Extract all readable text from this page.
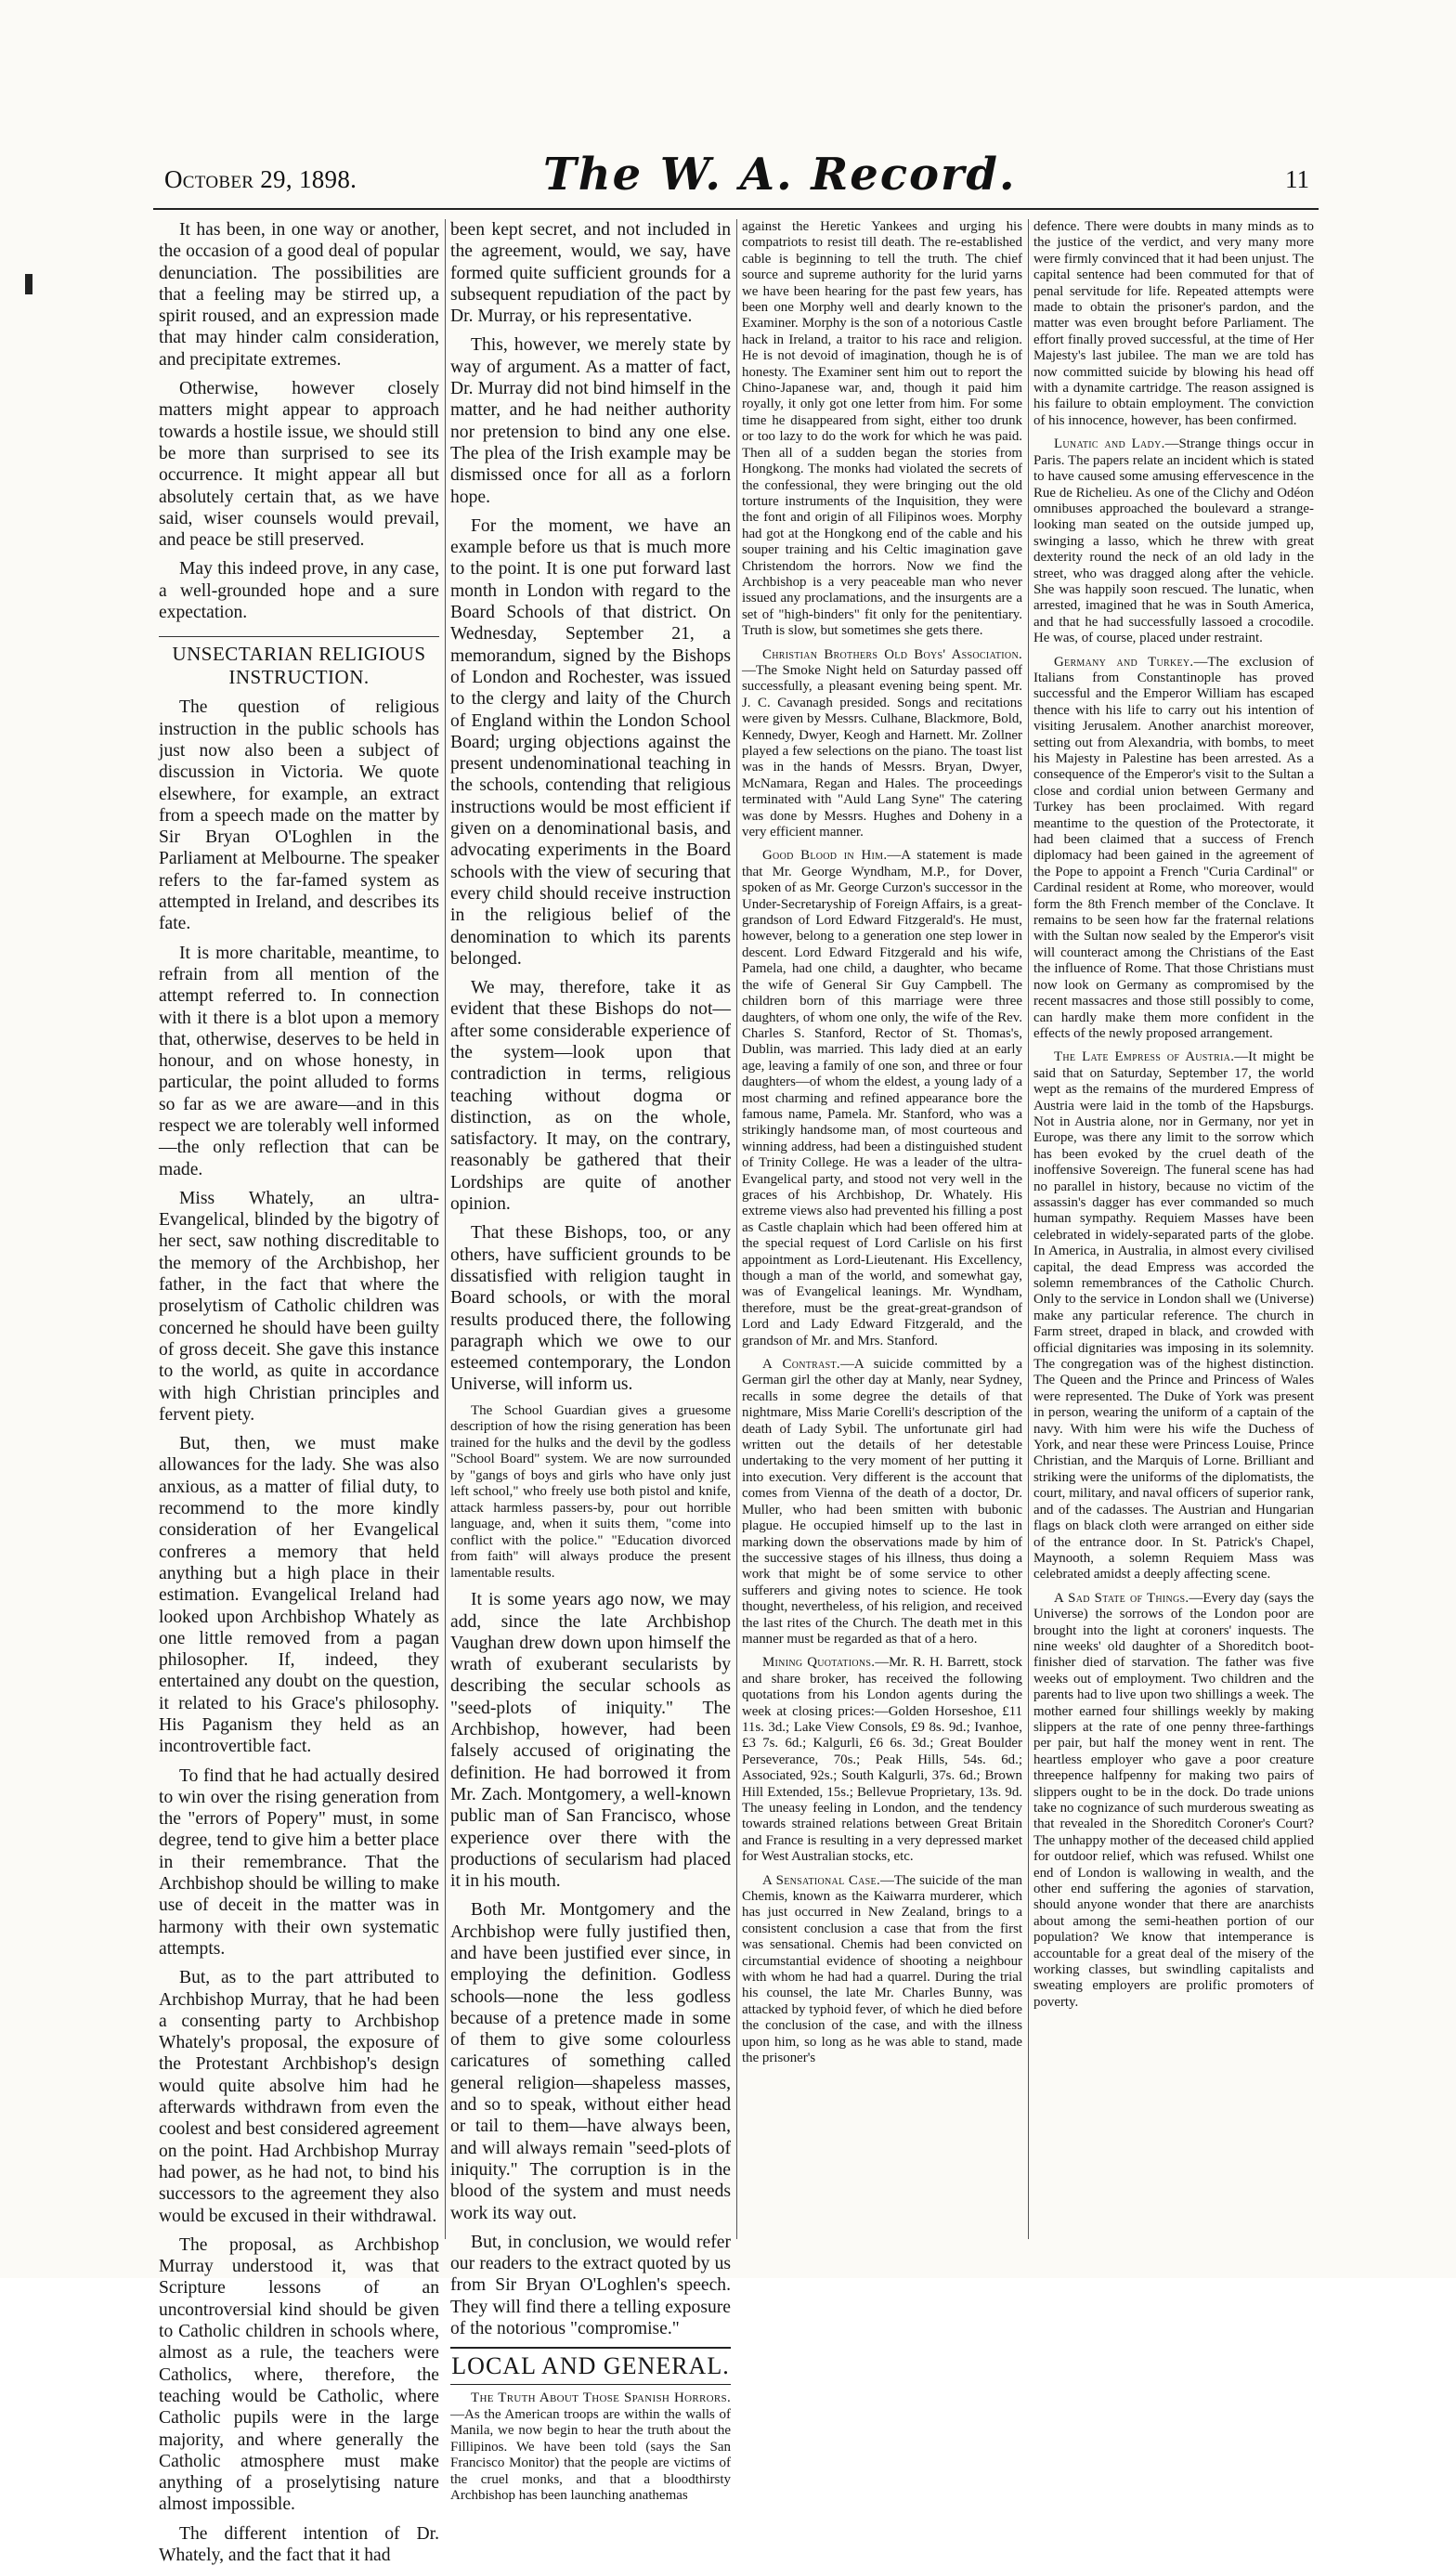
October 29, 1898.	The W. A. Record.	11

It has been, in one way or another, the occasion of a good deal of popular denunciation. The possibilities are that a feeling may be stirred up, a spirit roused, and an expression made that may hinder calm consideration, and precipitate extremes.

Otherwise, however closely matters might appear to approach towards a hostile issue, we should still be more than surprised to see its occurrence. It might appear all but absolutely certain that, as we have said, wiser counsels would prevail, and peace be still preserved.

May this indeed prove, in any case, a well-grounded hope and a sure expectation.

UNSECTARIAN RELIGIOUS INSTRUCTION.

The question of religious instruction in the public schools has just now also been a subject of discussion in Victoria. We quote elsewhere, for example, an extract from a speech made on the matter by Sir Bryan O'Loghlen in the Parliament at Melbourne. The speaker refers to the far-famed system as attempted in Ireland, and describes its fate.

It is more charitable, meantime, to refrain from all mention of the attempt referred to. In connection with it there is a blot upon a memory that, otherwise, deserves to be held in honour, and on whose honesty, in particular, the point alluded to forms so far as we are aware—and in this respect we are tolerably well informed—the only reflection that can be made.

Miss Whately, an ultra-Evangelical, blinded by the bigotry of her sect, saw nothing discreditable to the memory of the Archbishop, her father, in the fact that where the proselytism of Catholic children was concerned he should have been guilty of gross deceit. She gave this instance to the world, as quite in accordance with high Christian principles and fervent piety.

But, then, we must make allowances for the lady. She was also anxious, as a matter of filial duty, to recommend to the more kindly consideration of her Evangelical confreres a memory that held anything but a high place in their estimation. Evangelical Ireland had looked upon Archbishop Whately as one little removed from a pagan philosopher. If, indeed, they entertained any doubt on the question, it related to his Grace's philosophy. His Paganism they held as an incontrovertible fact.

To find that he had actually desired to win over the rising generation from the "errors of Popery" must, in some degree, tend to give him a better place in their remembrance. That the Archbishop should be willing to make use of deceit in the matter was in harmony with their own systematic attempts.

But, as to the part attributed to Archbishop Murray, that he had been a consenting party to Archbishop Whately's proposal, the exposure of the Protestant Archbishop's design would quite absolve him had he afterwards withdrawn from even the coolest and best considered agreement on the point. Had Archbishop Murray had power, as he had not, to bind his successors to the agreement they also would be excused in their withdrawal.

The proposal, as Archbishop Murray understood it, was that Scripture lessons of an uncontroversial kind should be given to Catholic children in schools where, almost as a rule, the teachers were Catholics, where, therefore, the teaching would be Catholic, where Catholic pupils were in the large majority, and where generally the Catholic atmosphere must make anything of a proselytising nature almost impossible.

The different intention of Dr. Whately, and the fact that it had

been kept secret, and not included in the agreement, would, we say, have formed quite sufficient grounds for a subsequent repudiation of the pact by Dr. Murray, or his representative.

This, however, we merely state by way of argument. As a matter of fact, Dr. Murray did not bind himself in the matter, and he had neither authority nor pretension to bind any one else. The plea of the Irish example may be dismissed once for all as a forlorn hope.

For the moment, we have an example before us that is much more to the point. It is one put forward last month in London with regard to the Board Schools of that district. On Wednesday, September 21, a memorandum, signed by the Bishops of London and Rochester, was issued to the clergy and laity of the Church of England within the London School Board; urging objections against the present undenominational teaching in the schools, contending that religious instructions would be most efficient if given on a denominational basis, and advocating experiments in the Board schools with the view of securing that every child should receive instruction in the religious belief of the denomination to which its parents belonged.

We may, therefore, take it as evident that these Bishops do not—after some considerable experience of the system—look upon that contradiction in terms, religious teaching without dogma or distinction, as on the whole, satisfactory. It may, on the contrary, reasonably be gathered that their Lordships are quite of another opinion.

That these Bishops, too, or any others, have sufficient grounds to be dissatisfied with religion taught in Board schools, or with the moral results produced there, the following paragraph which we owe to our esteemed contemporary, the London Universe, will inform us.

The School Guardian gives a gruesome description of how the rising generation has been trained for the hulks and the devil by the godless "School Board" system. We are now surrounded by "gangs of boys and girls who have only just left school," who freely use both pistol and knife, attack harmless passers-by, pour out horrible language, and, when it suits them, "come into conflict with the police." "Education divorced from faith" will always produce the present lamentable results.

It is some years ago now, we may add, since the late Archbishop Vaughan drew down upon himself the wrath of exuberant secularists by describing the secular schools as "seed-plots of iniquity." The Archbishop, however, had been falsely accused of originating the definition. He had borrowed it from Mr. Zach. Montgomery, a well-known public man of San Francisco, whose experience over there with the productions of secularism had placed it in his mouth.

Both Mr. Montgomery and the Archbishop were fully justified then, and have been justified ever since, in employing the definition. Godless schools—none the less godless because of a pretence made in some of them to give some colourless caricatures of something called general religion—shapeless masses, and so to speak, without either head or tail to them—have always been, and will always remain "seed-plots of iniquity." The corruption is in the blood of the system and must needs work its way out.

But, in conclusion, we would refer our readers to the extract quoted by us from Sir Bryan O'Loghlen's speech. They will find there a telling exposure of the notorious "compromise."

LOCAL AND GENERAL.

The Truth About Those Spanish Horrors.—As the American troops are within the walls of Manila, we now begin to hear the truth about the Fillipinos. We have been told (says the San Francisco Monitor) that the people are victims of the cruel monks, and that a bloodthirsty Archbishop has been launching anathemas

against the Heretic Yankees and urging his compatriots to resist till death. The re-established cable is beginning to tell the truth. The chief source and supreme authority for the lurid yarns we have been hearing for the past few years, has been one Morphy well and dearly known to the Examiner. Morphy is the son of a notorious Castle hack in Ireland, a traitor to his race and religion. He is not devoid of imagination, though he is of honesty. The Examiner sent him out to report the Chino-Japanese war, and, though it paid him royally, it only got one letter from him. For some time he disappeared from sight, either too drunk or too lazy to do the work for which he was paid. Then all of a sudden began the stories from Hongkong. The monks had violated the secrets of the confessional, they were bringing out the old torture instruments of the Inquisition, they were the font and origin of all Filipinos woes. Morphy had got at the Hongkong end of the cable and his souper training and his Celtic imagination gave Christendom the horrors. Now we find the Archbishop is a very peaceable man who never issued any proclamations, and the insurgents are a set of "high-binders" fit only for the penitentiary. Truth is slow, but sometimes she gets there.

Christian Brothers Old Boys' Association.—The Smoke Night held on Saturday passed off successfully, a pleasant evening being spent. Mr. J. C. Cavanagh presided. Songs and recitations were given by Messrs. Culhane, Blackmore, Bold, Kennedy, Dwyer, Keogh and Harnett. Mr. Zollner played a few selections on the piano. The toast list was in the hands of Messrs. Bryan, Dwyer, McNamara, Regan and Hales. The proceedings terminated with "Auld Lang Syne" The catering was done by Messrs. Hughes and Doheny in a very efficient manner.

Good Blood in Him.—A statement is made that Mr. George Wyndham, M.P., for Dover, spoken of as Mr. George Curzon's successor in the Under-Secretaryship of Foreign Affairs, is a great-grandson of Lord Edward Fitzgerald's. He must, however, belong to a generation one step lower in descent. Lord Edward Fitzgerald and his wife, Pamela, had one child, a daughter, who became the wife of General Sir Guy Campbell. The children born of this marriage were three daughters, of whom one only, the wife of the Rev. Charles S. Stanford, Rector of St. Thomas's, Dublin, was married. This lady died at an early age, leaving a family of one son, and three or four daughters—of whom the eldest, a young lady of a most charming and refined appearance bore the famous name, Pamela. Mr. Stanford, who was a strikingly handsome man, of most courteous and winning address, had been a distinguished student of Trinity College. He was a leader of the ultra-Evangelical party, and stood not very well in the graces of his Archbishop, Dr. Whately. His extreme views also had prevented his filling a post as Castle chaplain which had been offered him at the special request of Lord Carlisle on his first appointment as Lord-Lieutenant. His Excellency, though a man of the world, and somewhat gay, was of Evangelical leanings. Mr. Wyndham, therefore, must be the great-great-grandson of Lord and Lady Edward Fitzgerald, and the grandson of Mr. and Mrs. Stanford.

A Contrast.—A suicide committed by a German girl the other day at Manly, near Sydney, recalls in some degree the details of that nightmare, Miss Marie Corelli's description of the death of Lady Sybil. The unfortunate girl had written out the details of her detestable undertaking to the very moment of her putting it into execution. Very different is the account that comes from Vienna of the death of a doctor, Dr. Muller, who had been smitten with bubonic plague. He occupied himself up to the last in marking down the observations made by him of the successive stages of his illness, thus doing a work that might be of some service to other sufferers and giving notes to science. He took thought, nevertheless, of his religion, and received the last rites of the Church. The death met in this manner must be regarded as that of a hero.

Mining Quotations.—Mr. R. H. Barrett, stock and share broker, has received the following quotations from his London agents during the week at closing prices:—Golden Horseshoe, £11 11s. 3d.; Lake View Consols, £9 8s. 9d.; Ivanhoe, £3 7s. 6d.; Kalgurli, £6 6s. 3d.; Great Boulder Perseverance, 70s.; Peak Hills, 54s. 6d.; Associated, 92s.; South Kalgurli, 37s. 6d.; Brown Hill Extended, 15s.; Bellevue Proprietary, 13s. 9d. The uneasy feeling in London, and the tendency towards strained relations between Great Britain and France is resulting in a very depressed market for West Australian stocks, etc.

A Sensational Case.—The suicide of the man Chemis, known as the Kaiwarra murderer, which has just occurred in New Zealand, brings to a consistent conclusion a case that from the first was sensational. Chemis had been convicted on circumstantial evidence of shooting a neighbour with whom he had had a quarrel. During the trial his counsel, the late Mr. Charles Bunny, was attacked by typhoid fever, of which he died before the conclusion of the case, and with the illness upon him, so long as he was able to stand, made the prisoner's

defence. There were doubts in many minds as to the justice of the verdict, and very many more were firmly convinced that it had been unjust. The capital sentence had been commuted for that of penal servitude for life. Repeated attempts were made to obtain the prisoner's pardon, and the matter was even brought before Parliament. The effort finally proved successful, at the time of Her Majesty's last jubilee. The man we are told has now committed suicide by blowing his head off with a dynamite cartridge. The reason assigned is his failure to obtain employment. The conviction of his innocence, however, has been confirmed.

Lunatic and Lady.—Strange things occur in Paris. The papers relate an incident which is stated to have caused some amusing effervescence in the Rue de Richelieu. As one of the Clichy and Odéon omnibuses approached the boulevard a strange-looking man seated on the outside jumped up, swinging a lasso, which he threw with great dexterity round the neck of an old lady in the street, who was dragged along after the vehicle. She was happily soon rescued. The lunatic, when arrested, imagined that he was in South America, and that he had successfully lassoed a crocodile. He was, of course, placed under restraint.

Germany and Turkey.—The exclusion of Italians from Constantinople has proved successful and the Emperor William has escaped thence with his life to carry out his intention of visiting Jerusalem. Another anarchist moreover, setting out from Alexandria, with bombs, to meet his Majesty in Palestine has been arrested. As a consequence of the Emperor's visit to the Sultan a close and cordial union between Germany and Turkey has been proclaimed. With regard meantime to the question of the Protectorate, it had been claimed that a success of French diplomacy had been gained in the agreement of the Pope to appoint a French "Curia Cardinal" or Cardinal resident at Rome, who moreover, would form the 8th French member of the Conclave. It remains to be seen how far the fraternal relations with the Sultan now sealed by the Emperor's visit will counteract among the Christians of the East the influence of Rome. That those Christians must now look on Germany as compromised by the recent massacres and those still possibly to come, can hardly make them more confident in the effects of the newly proposed arrangement.

The Late Empress of Austria.—It might be said that on Saturday, September 17, the world wept as the remains of the murdered Empress of Austria were laid in the tomb of the Hapsburgs. Not in Austria alone, nor in Germany, nor yet in Europe, was there any limit to the sorrow which has been evoked by the cruel death of the inoffensive Sovereign. The funeral scene has had no parallel in history, because no victim of the assassin's dagger has ever commanded so much human sympathy. Requiem Masses have been celebrated in widely-separated parts of the globe. In America, in Australia, in almost every civilised capital, the dead Empress was accorded the solemn remembrances of the Catholic Church. Only to the service in London shall we (Universe) make any particular reference. The church in Farm street, draped in black, and crowded with official dignitaries was imposing in its solemnity. The congregation was of the highest distinction. The Queen and the Prince and Princess of Wales were represented. The Duke of York was present in person, wearing the uniform of a captain of the navy. With him were his wife the Duchess of York, and near these were Princess Louise, Prince Christian, and the Marquis of Lorne. Brilliant and striking were the uniforms of the diplomatists, the court, military, and naval officers of superior rank, and of the cadasses. The Austrian and Hungarian flags on black cloth were arranged on either side of the entrance door. In St. Patrick's Chapel, Maynooth, a solemn Requiem Mass was celebrated amidst a deeply affecting scene.

A Sad State of Things.—Every day (says the Universe) the sorrows of the London poor are brought into the light at coroners' inquests. The nine weeks' old daughter of a Shoreditch boot-finisher died of starvation. The father was five weeks out of employment. Two children and the parents had to live upon two shillings a week. The mother earned four shillings weekly by making slippers at the rate of one penny three-farthings per pair, but half the money went in rent. The heartless employer who gave a poor creature threepence halfpenny for making two pairs of slippers ought to be in the dock. Do trade unions take no cognizance of such murderous sweating as that revealed in the Shoreditch Coroner's Court? The unhappy mother of the deceased child applied for outdoor relief, which was refused. Whilst one end of London is wallowing in wealth, and the other end suffering the agonies of starvation, should anyone wonder that there are anarchists about among the semi-heathen portion of our population? We know that intemperance is accountable for a great deal of the misery of the working classes, but swindling capitalists and sweating employers are prolific promoters of poverty.
